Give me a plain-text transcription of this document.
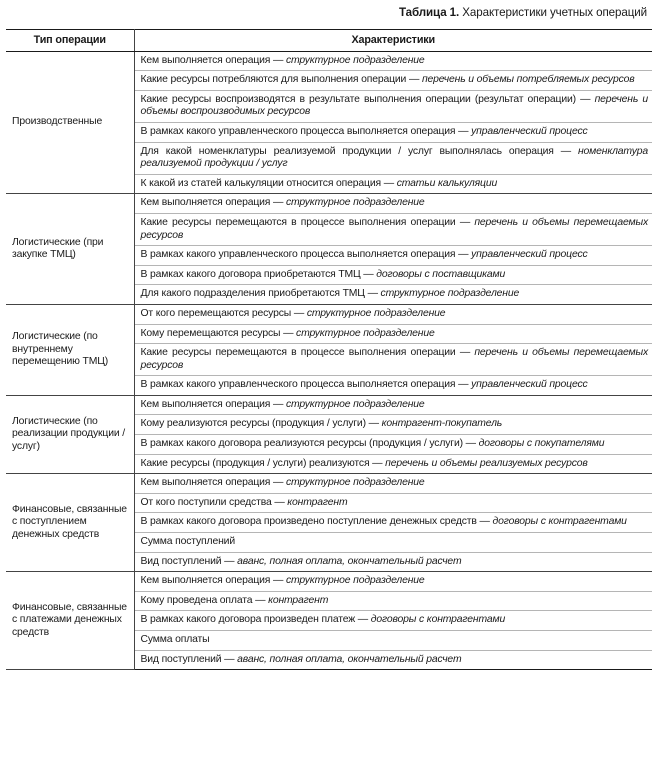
Таблица 1. Характеристики учетных операций
Тип операции	Характеристики
Производственные	Кем выполняется операция — структурное подразделение
	Какие ресурсы потребляются для выполнения операции — перечень и объемы потребляемых ресурсов
	Какие ресурсы воспроизводятся в результате выполнения операции (результат операции) — перечень и объемы воспроизводимых ресурсов
	В рамках какого управленческого процесса выполняется операция — управленческий процесс
	Для какой номенклатуры реализуемой продукции / услуг выполнялась операция — номенклатура реализуемой продукции / услуг
	К какой из статей калькуляции относится операция — статьи калькуляции
Логистические (при закупке ТМЦ)	Кем выполняется операция — структурное подразделение
	Какие ресурсы перемещаются в процессе выполнения операции — перечень и объемы перемещаемых ресурсов
	В рамках какого управленческого процесса выполняется операция — управленческий процесс
	В рамках какого договора приобретаются ТМЦ — договоры с поставщиками
	Для какого подразделения приобретаются ТМЦ — структурное подразделение
Логистические (по внутреннему перемещению ТМЦ)	От кого перемещаются ресурсы — структурное подразделение
	Кому перемещаются ресурсы — структурное подразделение
	Какие ресурсы перемещаются в процессе выполнения операции — перечень и объемы перемещаемых ресурсов
	В рамках какого управленческого процесса выполняется операция — управленческий процесс
Логистические (по реализации продукции / услуг)	Кем выполняется операция — структурное подразделение
	Кому реализуются ресурсы (продукция / услуги) — контрагент-покупатель
	В рамках какого договора реализуются ресурсы (продукция / услуги) — договоры с покупателями
	Какие ресурсы (продукция / услуги) реализуются — перечень и объемы реализуемых ресурсов
Финансовые, связанные с поступлением денежных средств	Кем выполняется операция — структурное подразделение
	От кого поступили средства — контрагент
	В рамках какого договора произведено поступление денежных средств — договоры с контрагентами
	Сумма поступлений
	Вид поступлений — аванс, полная оплата, окончательный расчет
Финансовые, связанные с платежами денежных средств	Кем выполняется операция — структурное подразделение
	Кому проведена оплата — контрагент
	В рамках какого договора произведен платеж — договоры с контрагентами
	Сумма оплаты
	Вид поступлений — аванс, полная оплата, окончательный расчет
